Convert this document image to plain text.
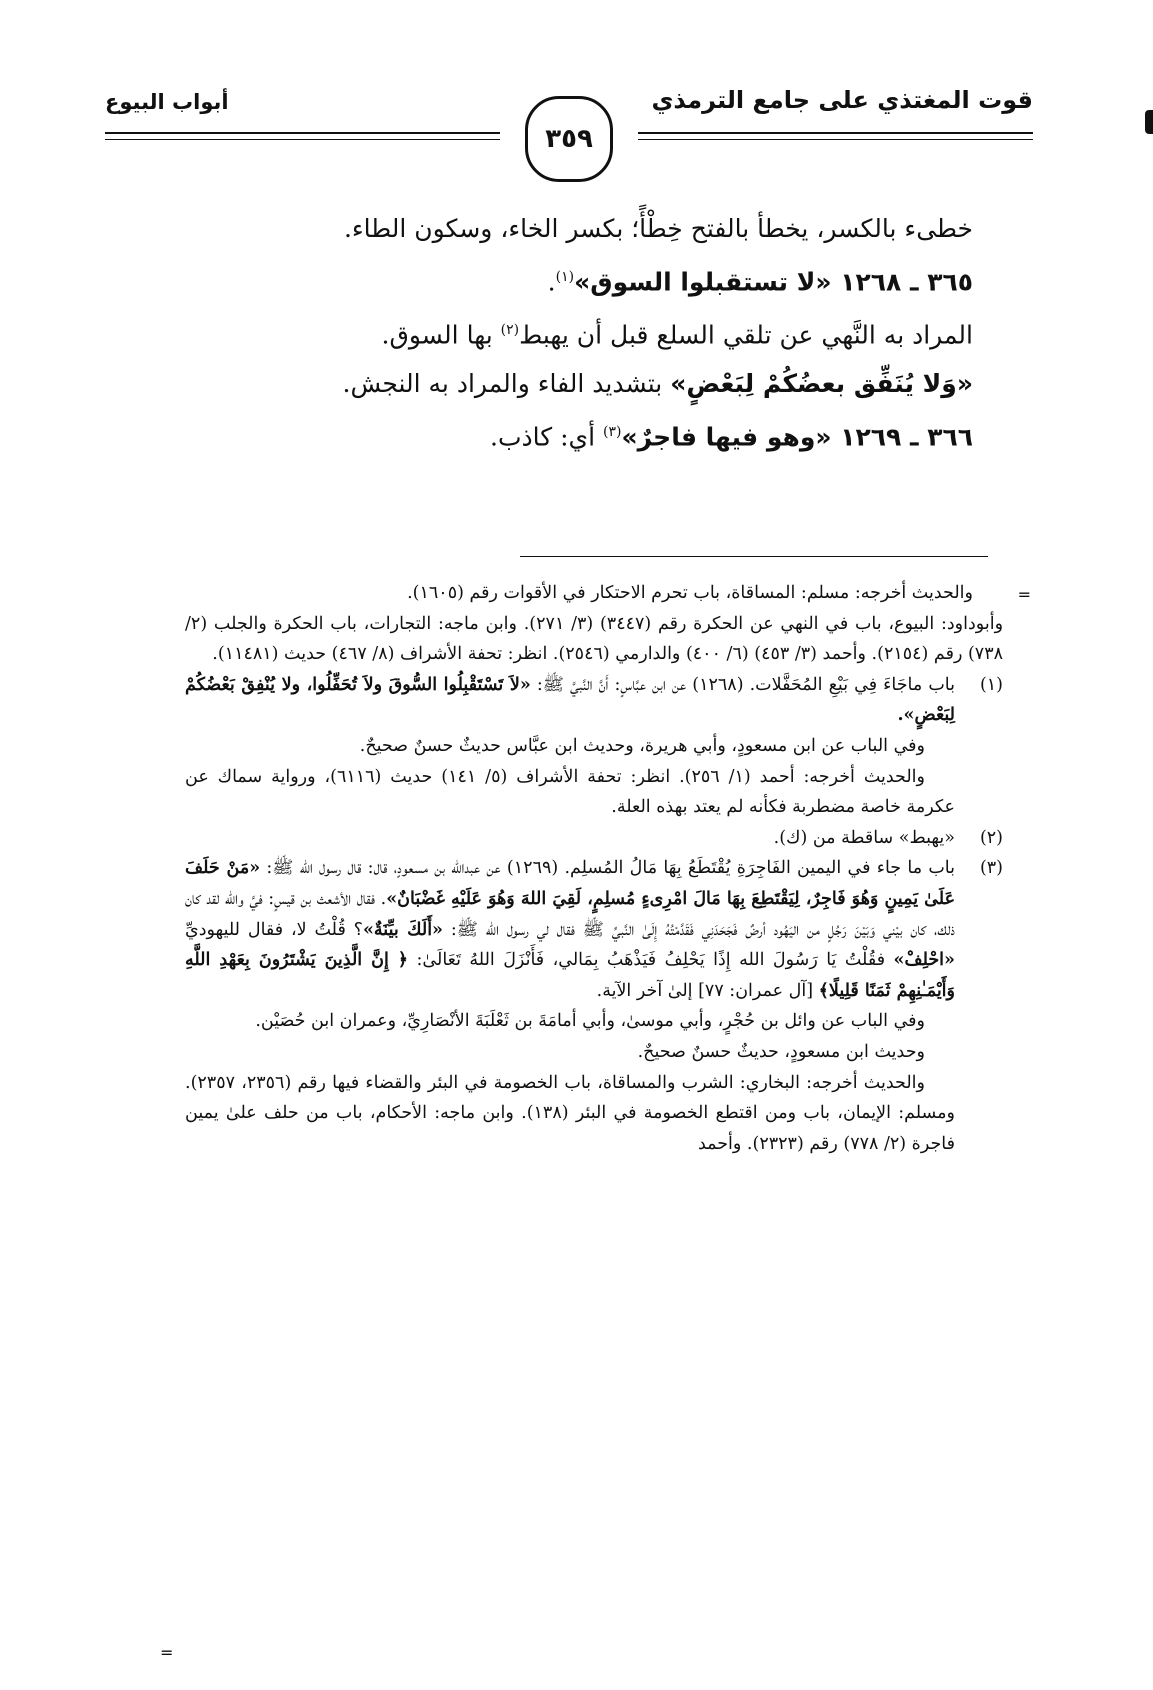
قوت المغتذي على جامع الترمذي
أبواب البيوع
٣٥٩

خطىء بالكسر، يخطأ بالفتح خِطْأً؛ بكسر الخاء، وسكون الطاء.

٣٦٥ ـ ١٢٦٨ «لا تستقبلوا السوق»$^{(١)}$.

المراد به النَّهي عن تلقي السلع قبل أن يهبط$^{(٢)}$ بها السوق.

«وَلا يُنَفِّق بعضُكُمْ لِبَعْضٍ» بتشديد الفاء والمراد به النجش.

٣٦٦ ـ ١٢٦٩ «وهو فيها فاجرٌ»$^{(٣)}$ أي: كاذب.

=

والحديث أخرجه: مسلم: المساقاة، باب تحرم الاحتكار في الأقوات رقم (١٦٠٥).

وأبوداود: البيوع، باب في النهي عن الحكرة رقم (٣٤٤٧) (٣/ ٢٧١). وابن ماجه: التجارات، باب الحكرة والجلب (٢/ ٧٣٨) رقم (٢١٥٤). وأحمد (٣/ ٤٥٣) (٦/ ٤٠٠) والدارمي (٢٥٤٦). انظر: تحفة الأشراف (٨/ ٤٦٧) حديث (١١٤٨١).

(١)

باب ماجَاءَ فِي بَيْعِ المُحَفَّلات. (١٢٦٨) عن ابن عبَّاسٍ: أَنَّ النَّبيَّ ﷺ: «لاَ تَسْتَقْبِلُوا السُّوقَ ولاَ تُحَفِّلُوا، ولا يُنْفِقْ بَعْضُكُمْ لِبَعْضٍ».

وفي الباب عن ابن مسعودٍ، وأبي هريرة، وحديث ابن عبَّاس حديثٌ حسنٌ صحيحٌ.

والحديث أخرجه: أحمد (١/ ٢٥٦). انظر: تحفة الأشراف (٥/ ١٤١) حديث (٦١١٦)، ورواية سماك عن عكرمة خاصة مضطربة فكأنه لم يعتد بهذه العلة.

(٢)

«يهبط» ساقطة من (ك).

(٣)

باب ما جاء في اليمين الفَاجِرَةِ يُقْتَطَعُ بِهَا مَالُ المُسلِم. (١٢٦٩) عن عبدالله بن مسعودٍ، قال: قال رسول الله ﷺ: «مَنْ حَلَفَ عَلَىٰ يَمِينٍ وَهُوَ فَاجِرٌ، لِيَقْتَطِعَ بِهَا مَالَ امْرِىءٍ مُسلِمٍ، لَقِيَ اللهَ وَهُوَ عَلَيْهِ غَضْبَانٌ». فقال الأشعث بن قيسٍ: فيَّ والله لقد كان ذلك، كان بيْني وَبَيْنَ رَجُلٍ من اليَهُود أرضٌ فَجَحَدَنِي فَقَدَّمْتُهُ إِلَىٰ النَّبيِّ ﷺ فقال لي رسول الله ﷺ: «أَلَكَ بيِّنَةٌ»؟ قُلْتُ لا، فقال لليهوديِّ «احْلِفْ» فقُلْتُ يَا رَسُولَ الله إِذًا يَحْلِفُ فَيَذْهَبُ بِمَالي، فَأَنْزَلَ اللهُ تَعَالَىٰ: ﴿ إِنَّ الَّذِينَ يَشْتَرُونَ بِعَهْدِ اللَّهِ وَأَيْمَـٰنِهِمْ ثَمَنًا قَلِيلًا﴾ [آل عمران: ٧٧] إلىٰ آخر الآية.

وفي الباب عن وائل بن حُجْرٍ، وأبي موسىٰ، وأبي أمامَةَ بن ثَعْلَبَةَ الأنْصَارِيِّ، وعمران ابن حُصَيْن.

وحديث ابن مسعودٍ، حديثٌ حسنٌ صحيحٌ.

والحديث أخرجه: البخاري: الشرب والمساقاة، باب الخصومة في البئر والقضاء فيها رقم (٢٣٥٦، ٢٣٥٧). ومسلم: الإيمان، باب ومن اقتطع الخصومة في البئر (١٣٨). وابن ماجه: الأحكام، باب من حلف علىٰ يمين فاجرة (٢/ ٧٧٨) رقم (٢٣٢٣). وأحمد

=
